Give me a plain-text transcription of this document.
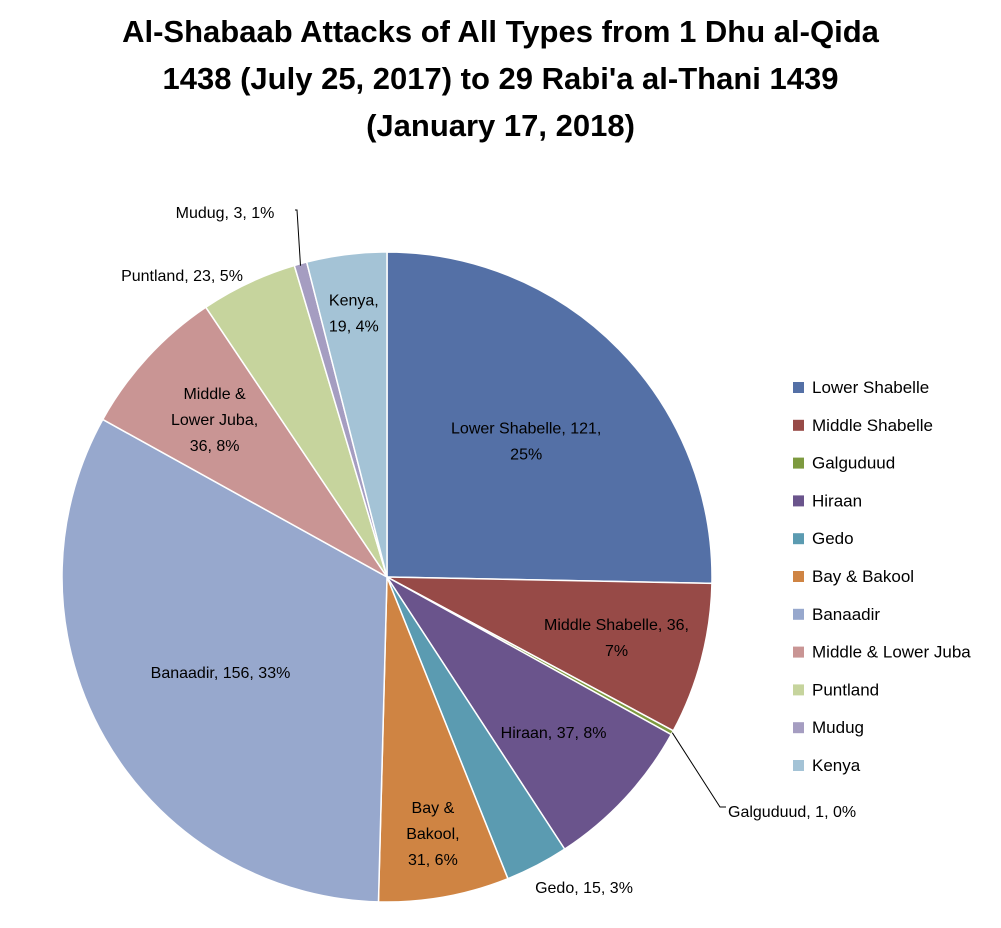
Al-Shabaab Attacks of All Types from 1 Dhu al-Qida
1438 (July 25, 2017) to 29 Rabi'a al-Thani 1439
(January 17, 2018)
Lower Shabelle, 121, 25%
Middle Shabelle, 36, 7%
Galguduud, 1, 0%
Hiraan, 37, 8%
Gedo, 15, 3%
Bay & Bakool, 31, 6%
Banaadir, 156, 33%
Middle & Lower Juba, 36, 8%
Puntland, 23, 5%
Mudug, 3, 1%
Kenya, 19, 4%
Lower Shabelle
Middle Shabelle
Galguduud
Hiraan
Gedo
Bay & Bakool
Banaadir
Middle & Lower Juba
Puntland
Mudug
Kenya
